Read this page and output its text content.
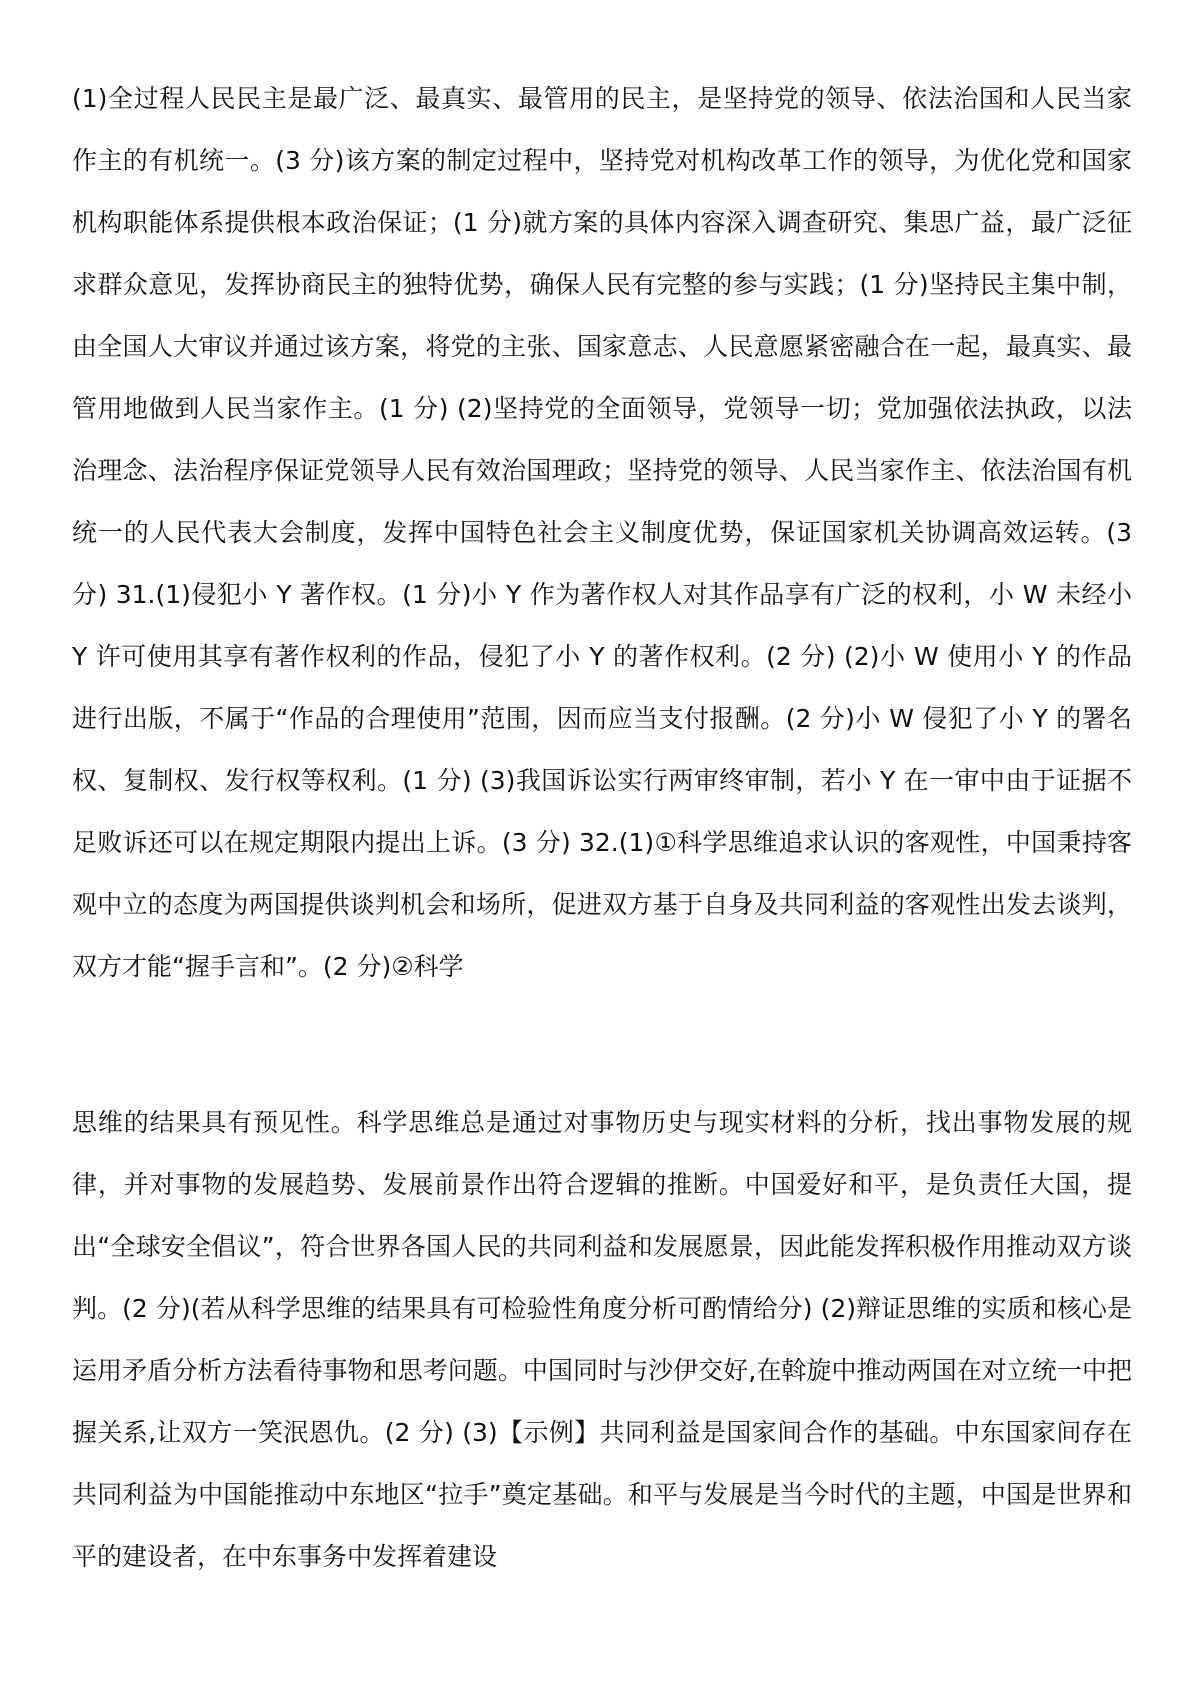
(1)全过程人民民主是最广泛、最真实、最管用的民主，是坚持党的领导、依法治国和人民当家作主的有机统一。(3 分)该方案的制定过程中，坚持党对机构改革工作的领导，为优化党和国家机构职能体系提供根本政治保证；(1 分)就方案的具体内容深入调查研究、集思广益，最广泛征求群众意见，发挥协商民主的独特优势，确保人民有完整的参与实践；(1 分)坚持民主集中制，由全国人大审议并通过该方案，将党的主张、国家意志、人民意愿紧密融合在一起，最真实、最管用地做到人民当家作主。(1 分) (2)坚持党的全面领导，党领导一切；党加强依法执政，以法治理念、法治程序保证党领导人民有效治国理政；坚持党的领导、人民当家作主、依法治国有机统一的人民代表大会制度，发挥中国特色社会主义制度优势，保证国家机关协调高效运转。(3 分) 31.(1)侵犯小 Y 著作权。(1 分)小 Y 作为著作权人对其作品享有广泛的权利，小 W 未经小 Y 许可使用其享有著作权利的作品，侵犯了小 Y 的著作权利。(2 分) (2)小 W 使用小 Y 的作品进行出版，不属于“作品的合理使用”范围，因而应当支付报酬。(2 分)小 W 侵犯了小 Y 的署名权、复制权、发行权等权利。(1 分) (3)我国诉讼实行两审终审制，若小 Y 在一审中由于证据不足败诉还可以在规定期限内提出上诉。(3 分) 32.(1)①科学思维追求认识的客观性，中国秉持客观中立的态度为两国提供谈判机会和场所，促进双方基于自身及共同利益的客观性出发去谈判，双方才能“握手言和”。(2 分)②科学

思维的结果具有预见性。科学思维总是通过对事物历史与现实材料的分析，找出事物发展的规律，并对事物的发展趋势、发展前景作出符合逻辑的推断。中国爱好和平，是负责任大国，提出“全球安全倡议”，符合世界各国人民的共同利益和发展愿景，因此能发挥积极作用推动双方谈判。(2 分)(若从科学思维的结果具有可检验性角度分析可酌情给分) (2)辩证思维的实质和核心是运用矛盾分析方法看待事物和思考问题。中国同时与沙伊交好,在斡旋中推动两国在对立统一中把握关系,让双方一笑泯恩仇。(2 分) (3)【示例】共同利益是国家间合作的基础。中东国家间存在共同利益为中国能推动中东地区“拉手”奠定基础。和平与发展是当今时代的主题，中国是世界和平的建设者，在中东事务中发挥着建设
